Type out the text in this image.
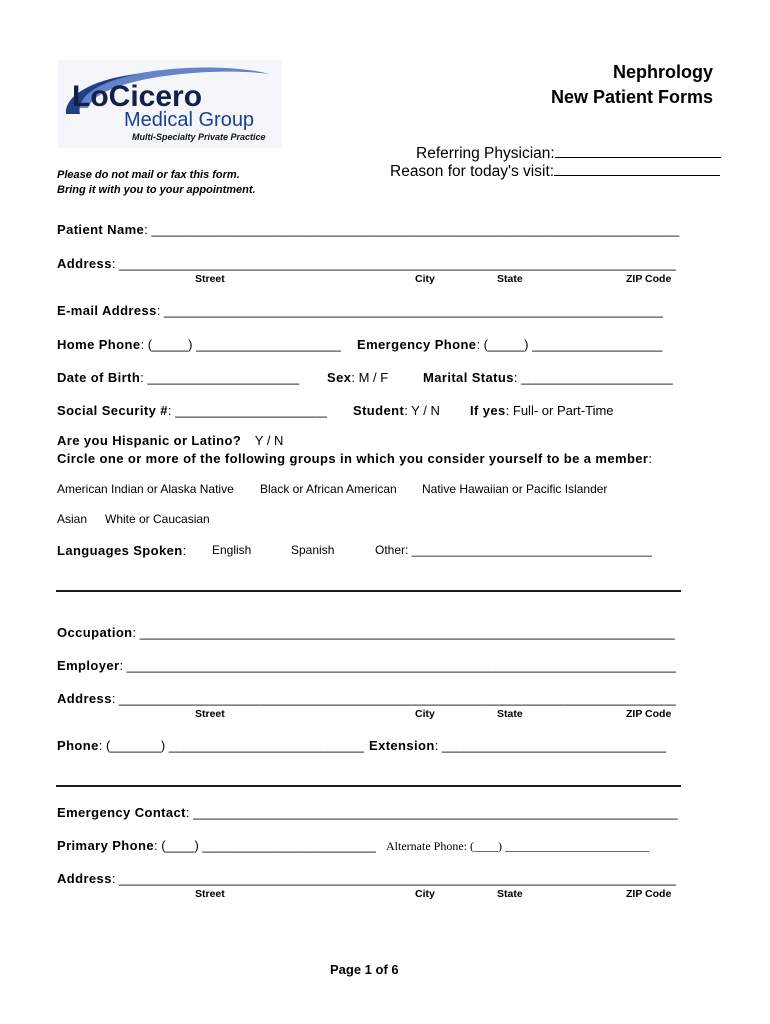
LoCicero
Medical Group
Multi-Specialty Private Practice
Nephrology
New Patient Forms
Referring Physician:
Reason for today's visit:
Please do not mail or fax this form.
Bring it with you to your appointment.
Patient Name: _________________________________________________________________________
Address: _____________________________________________________________________________
Street	City	State	ZIP Code
E-mail Address: _____________________________________________________________________
Home Phone: (_____) ____________________ Emergency Phone: (_____) __________________
Date of Birth: _____________________ Sex: M / F	Marital Status: _____________________
Social Security #: _____________________ Student: Y / N If yes: Full- or Part-Time
Are you Hispanic or Latino? Y / N
Circle one or more of the following groups in which you consider yourself to be a member:
American Indian or Alaska Native Black or African American Native Hawaiian or Pacific Islander
Asian White or Caucasian
Languages Spoken: English	Spanish	Other: ____________________________________
Occupation: __________________________________________________________________________
Employer: ____________________________________________________________________________
Address: _____________________________________________________________________________
Street	City	State	ZIP Code
Phone: (_______) ___________________________ Extension: _______________________________
Emergency Contact: ___________________________________________________________________
Primary Phone: (____) ________________________ Alternate Phone: (____) ________________________
Address: _____________________________________________________________________________
Street	City	State	ZIP Code
Page 1 of 6
